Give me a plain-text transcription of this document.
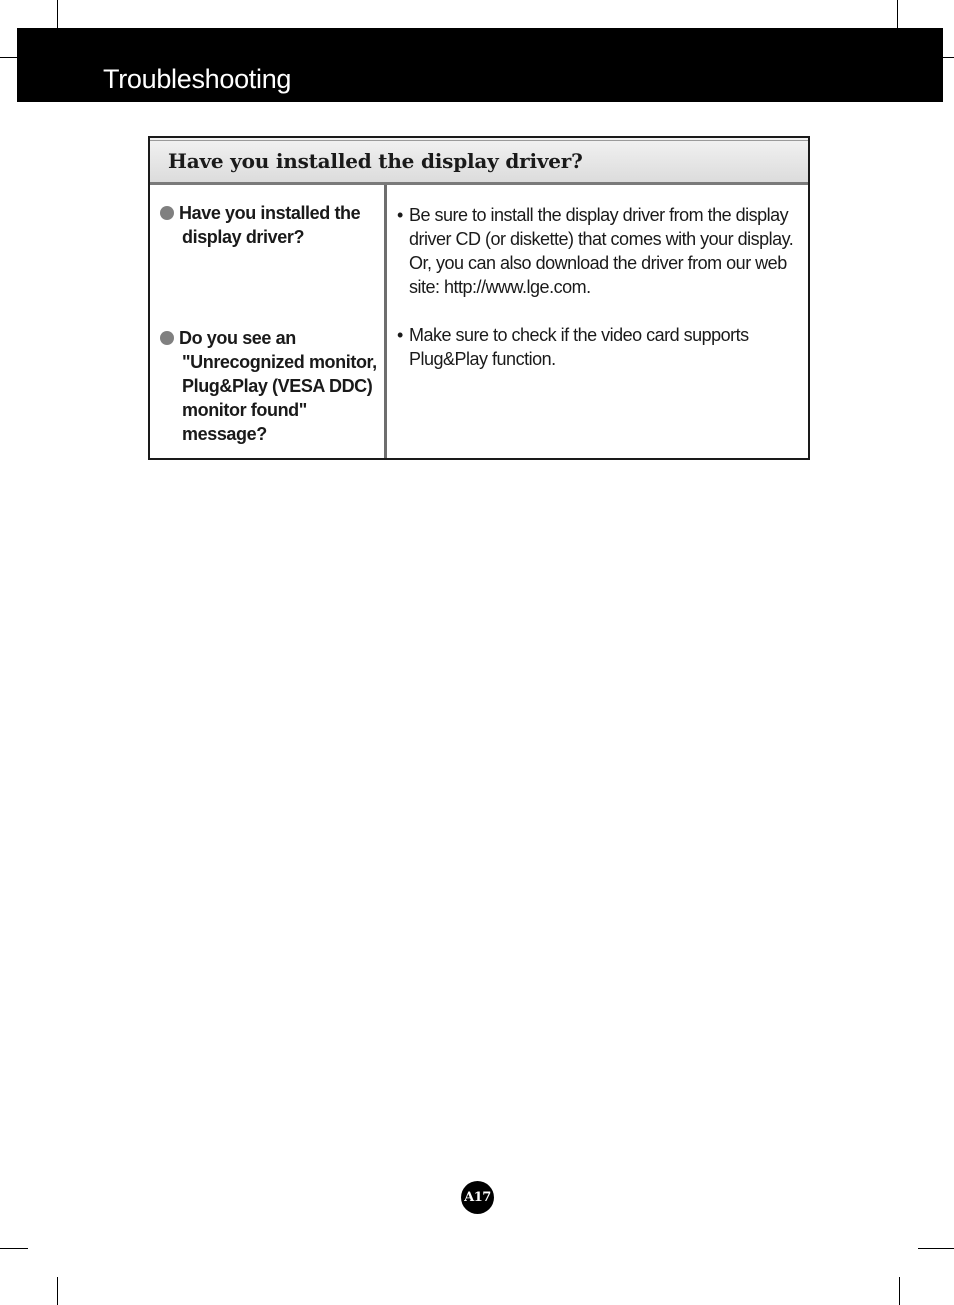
Troubleshooting
Have you installed the display driver?
Have you installed the
display driver?
• Be sure to install the display driver from the display driver CD (or diskette) that comes with your display. Or, you can also download the driver from our web site: http://www.lge.com.
Do you see an
"Unrecognized monitor, Plug&Play (VESA DDC) monitor found" message?
• Make sure to check if the video card supports Plug&Play function.
A17
